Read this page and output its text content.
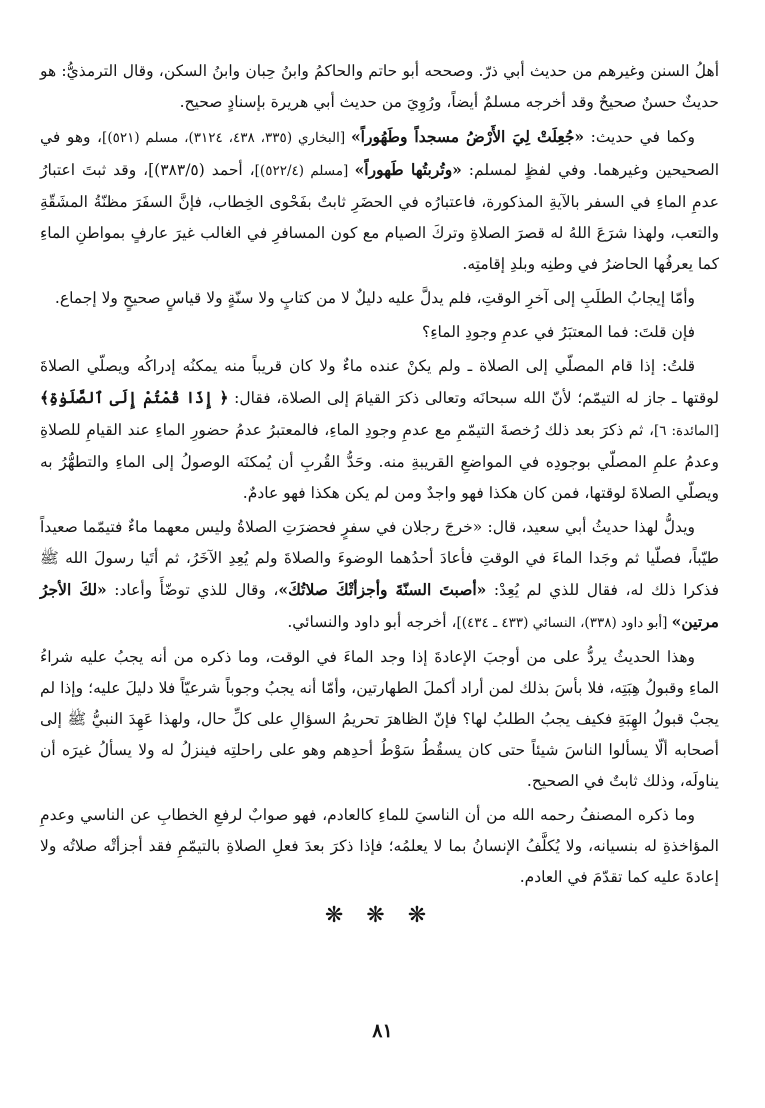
أهلُ السنن وغيرهم من حديث أبي ذرّ. وصححه أبو حاتم والحاكمُ وابنُ حِبان وابنُ السكن، وقال الترمذيُّ: هو حديثٌ حسنٌ صحيحٌ وقد أخرجه مسلمٌ أيضاً، ورُوِيَ من حديث أبي هريرة بإسنادٍ صحيح.

وكما في حديث: «جُعِلَتْ لِيَ الأَرْضُ مسجداً وطَهُوراً» [البخاري (٣٣٥، ٤٣٨، ٣١٢٤)، مسلم (٥٢١)]، وهو في الصحيحين وغيرهما. وفي لفظٍ لمسلم: «وتُربتُها طَهوراً» [مسلم (٥٢٢/٤)]، أحمد (٣٨٣/٥)]، وقد ثبتَ اعتبارُ عدمِ الماءِ في السفر بالآيةِ المذكورة، فاعتبارُه في الحضَرِ ثابتٌ بفَحْوى الخِطاب، فإنَّ السفَرَ مظنّةُ المشَقّةِ والتعب، ولهذا شرَعَ اللهُ له قصرَ الصلاةِ وتركَ الصيام مع كون المسافرِ في الغالب غيرَ عارفٍ بمواطنِ الماءِ كما يعرفُها الحاضرُ في وطنِه وبلدِ إقامتِه.

وأمّا إيجابُ الطلَبِ إلى آخرِ الوقتِ، فلم يدلَّ عليه دليلٌ لا من كتابٍ ولا سنّةٍ ولا قياسٍ صحيحٍ ولا إجماع.

فإن قلتَ: فما المعتبَرُ في عدمِ وجودِ الماءِ؟

قلتُ: إذا قام المصلّي إلى الصلاة ـ ولم يكنْ عنده ماءٌ ولا كان قريباً منه يمكنُه إدراكُه ويصلّي الصلاةَ لوقتها ـ جاز له التيمّم؛ لأنّ الله سبحانَه وتعالى ذكرَ القيامَ إلى الصلاة، فقال: ﴿ إِذَا قُمْتُمْ إِلَى ٱلصَّلَوٰةِ﴾ [المائدة: ٦]، ثم ذكرَ بعد ذلك رُخصةَ التيمّمِ مع عدمِ وجودِ الماءِ، فالمعتبرُ عدمُ حضورِ الماءِ عند القيامِ للصلاةِ وعدمُ علمِ المصلّي بوجودِه في المواضعِ القريبةِ منه. وحَدُّ القُربِ أن يُمكنَه الوصولُ إلى الماءِ والتطهُّرُ به ويصلّي الصلاةَ لوقتها، فمن كان هكذا فهو واجدٌ ومن لم يكن هكذا فهو عادمٌ.

ويدلُّ لهذا حديثُ أبي سعيد، قال: «خرجَ رجلان في سفرٍ فحضرَتِ الصلاةُ وليس معهما ماءٌ فتيمّما صعيداً طيّباً، فصلّيا ثم وجَدا الماءَ في الوقتِ فأعادَ أحدُهما الوضوءَ والصلاةَ ولم يُعِدِ الآخَرُ، ثم أتَيا رسولَ الله ﷺ فذكرا ذلك له، فقال للذي لم يُعِدْ: «أصبتَ السنّةَ وأجزأتْكَ صلاتُكَ»، وقال للذي توضّأَ وأعاد: «لكَ الأجرُ مرتين» [أبو داود (٣٣٨)، النسائي (٤٣٣ ـ ٤٣٤)]، أخرجه أبو داود والنسائي.

وهذا الحديثُ يردُّ على من أوجبَ الإعادةَ إذا وجد الماءَ في الوقت، وما ذكره من أنه يجبُ عليه شراءُ الماءِ وقبولُ هِبَتِه، فلا بأسَ بذلك لمن أراد أكملَ الطهارتين، وأمّا أنه يجبُ وجوباً شرعيّاً فلا دليلَ عليه؛ وإذا لم يجبْ قبولُ الهِبَةِ فكيف يجبُ الطلبُ لها؟ فإنّ الظاهرَ تحريمُ السؤالِ على كلِّ حال، ولهذا عَهِدَ النبيُّ ﷺ إلى أصحابه ألّا يسألوا الناسَ شيئاً حتى كان يسقُطُ سَوْطُ أحدِهم وهو على راحلتِه فينزلُ له ولا يسألُ غيرَه أن يناولَه، وذلك ثابتٌ في الصحيح.

وما ذكره المصنفُ رحمه الله من أن الناسيَ للماءِ كالعادم، فهو صوابٌ لرفعِ الخطابِ عن الناسي وعدمِ المؤاخذةِ له بنسيانه، ولا يُكلَّفُ الإنسانُ بما لا يعلمُه؛ فإذا ذكرَ بعدَ فعلِ الصلاةِ بالتيمّمِ فقد أجزأتْه صلاتُه ولا إعادةَ عليه كما تقدّمَ في العادم.

❋ ❋ ❋
٨١
